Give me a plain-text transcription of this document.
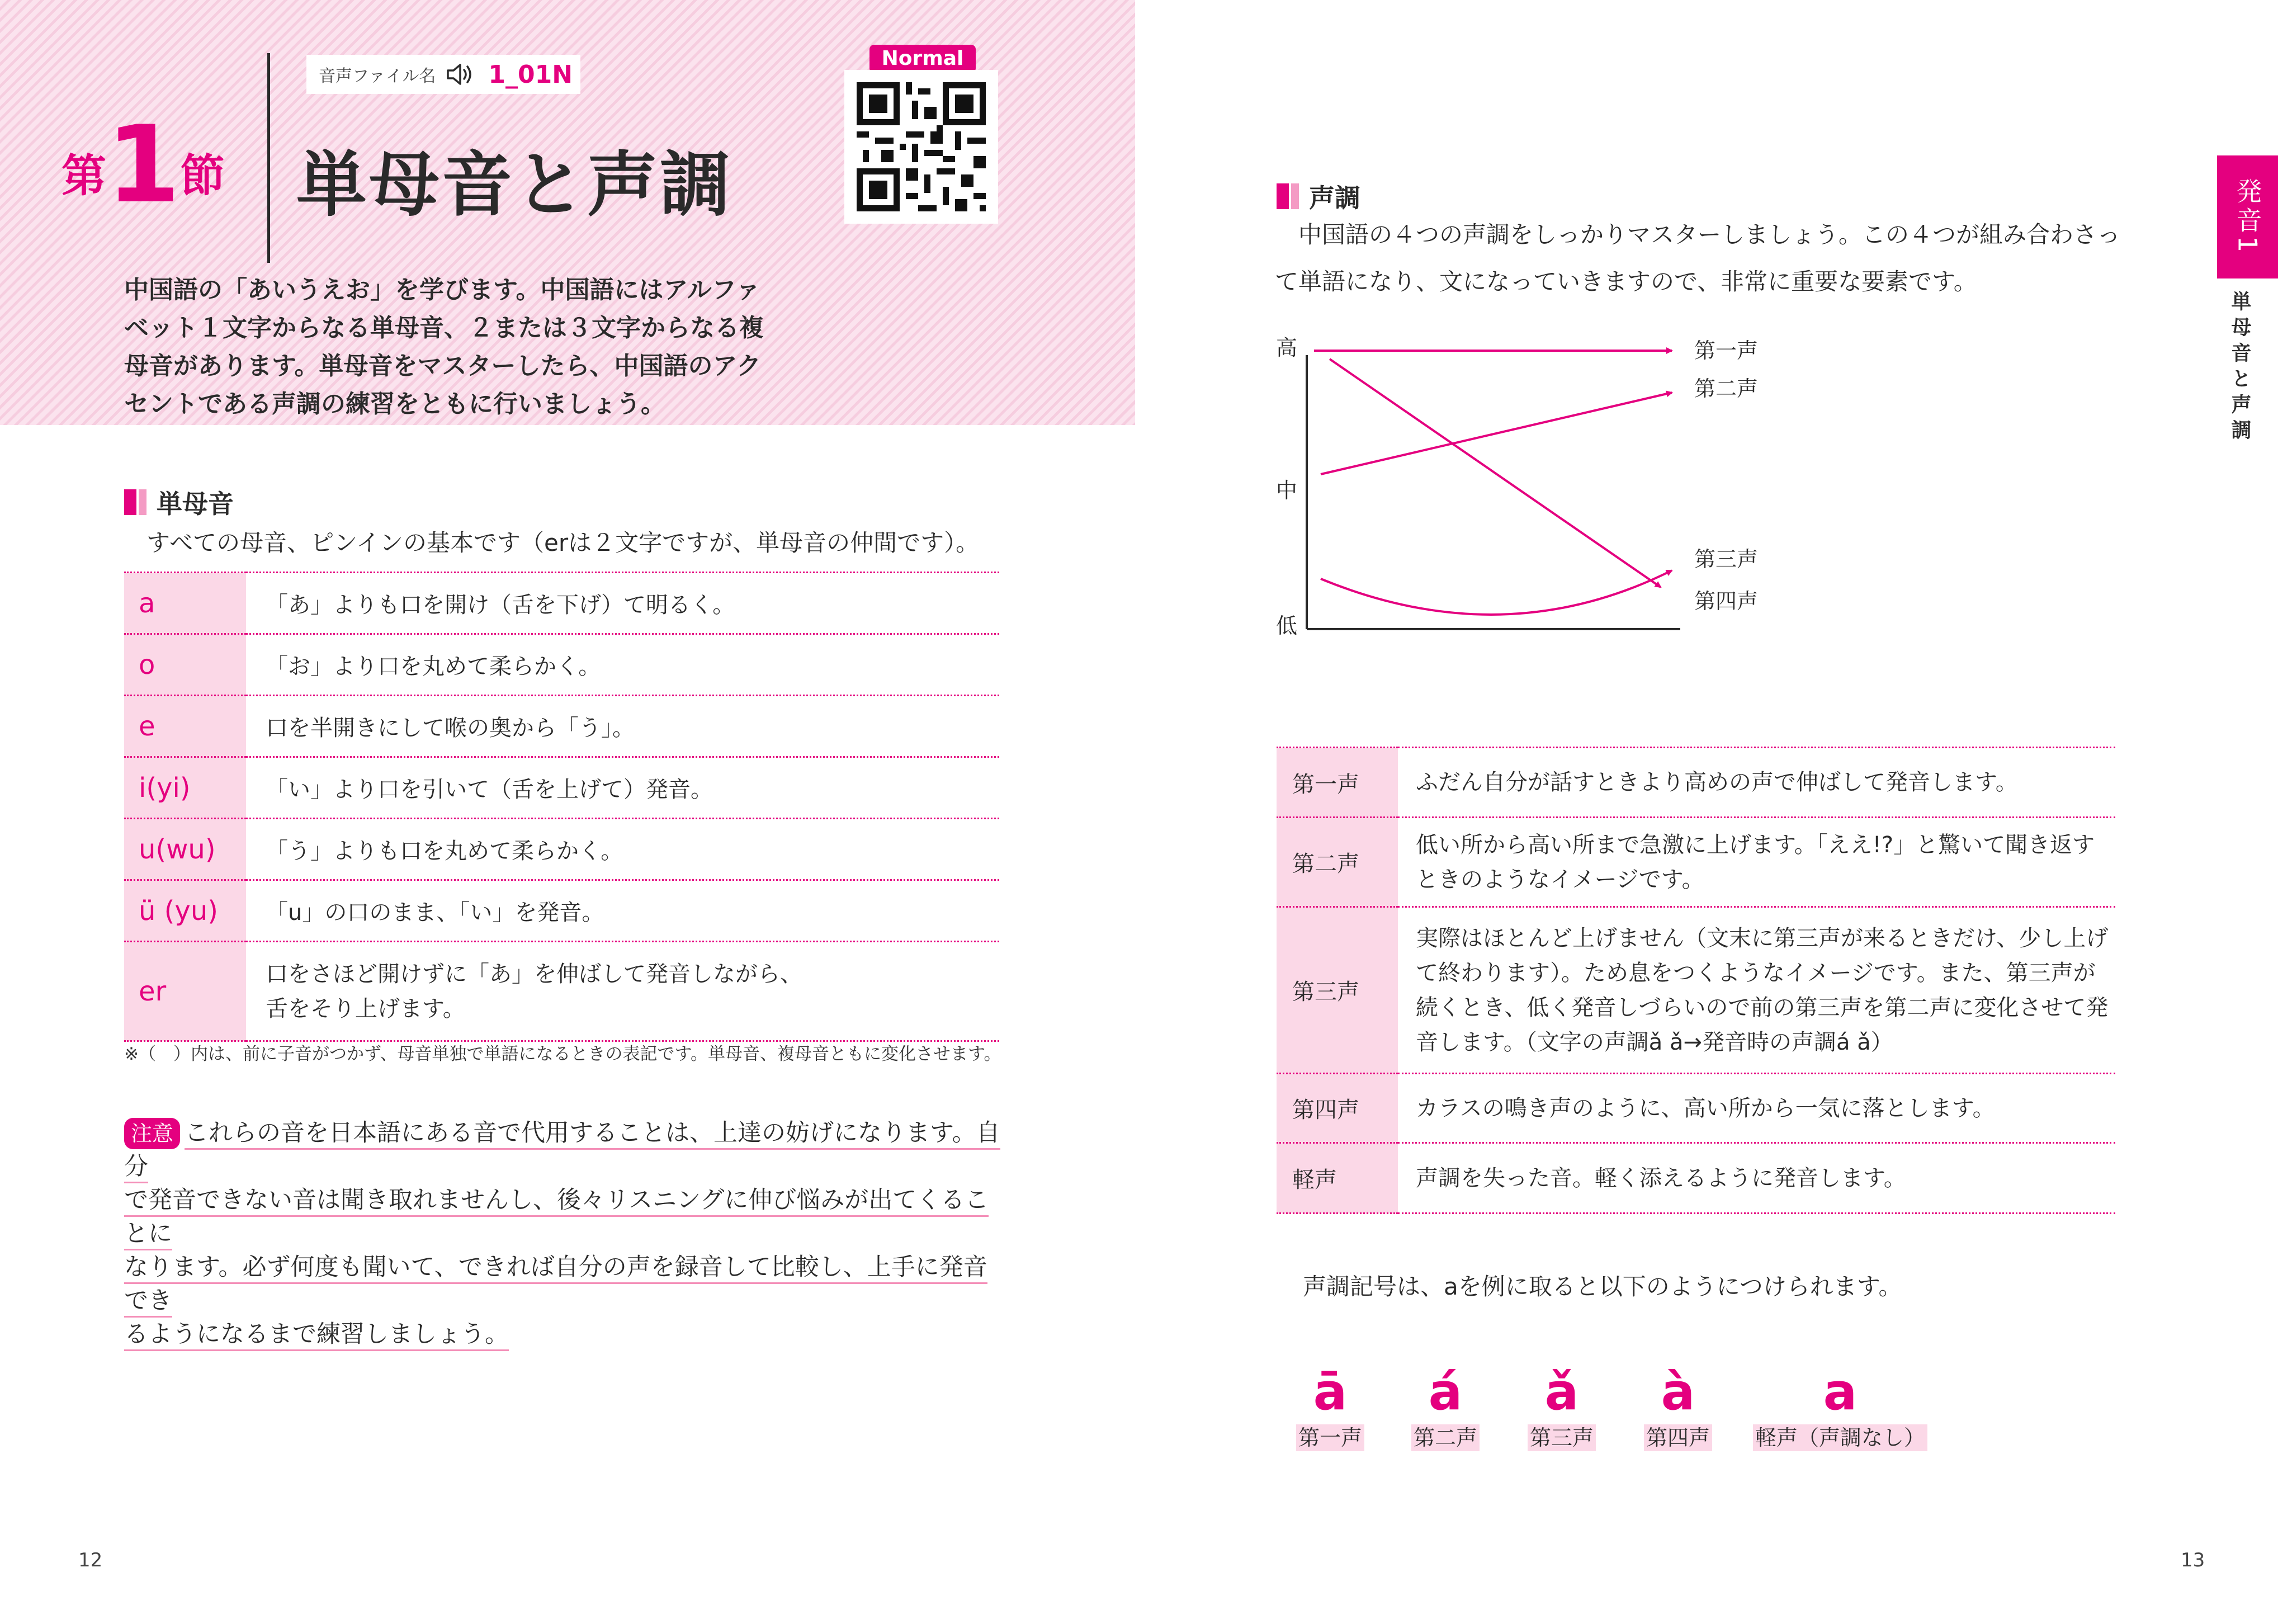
第1節
音声ファイル名 1_01N
単母音と声調
Normal
中国語の「あいうえお」を学びます。中国語にはアルファベット１文字からなる単母音、２または３文字からなる複母音があります。単母音をマスターしたら、中国語のアクセントである声調の練習をともに行いましょう。
単母音
すべての母音、ピンインの基本です（erは２文字ですが、単母音の仲間です）。
a	「あ」よりも口を開け（舌を下げ）て明るく。
o	「お」より口を丸めて柔らかく。
e	口を半開きにして喉の奥から「う」。
i(yi)	「い」より口を引いて（舌を上げて）発音。
u(wu)	「う」よりも口を丸めて柔らかく。
ü (yu)	「u」の口のまま、「い」を発音。
er	口をさほど開けずに「あ」を伸ばして発音しながら、
舌をそり上げます。
※（　）内は、前に子音がつかず、母音単独で単語になるときの表記です。単母音、複母音ともに変化させます。
注意 これらの音を日本語にある音で代用することは、上達の妨げになります。自分
で発音できない音は聞き取れませんし、後々リスニングに伸び悩みが出てくることに
なります。必ず何度も聞いて、できれば自分の声を録音して比較し、上手に発音でき
るようになるまで練習しましょう。
12
声調
中国語の４つの声調をしっかりマスターしましょう。この４つが組み合わさって単語になり、文になっていきますので、非常に重要な要素です。
高
中
低
第一声
第二声
第三声
第四声
第一声	ふだん自分が話すときより高めの声で伸ばして発音します。
第二声	低い所から高い所まで急激に上げます。「ええ!?」と驚いて聞き返すときのようなイメージです。
第三声	実際はほとんど上げません（文末に第三声が来るときだけ、少し上げて終わります）。ため息をつくようなイメージです。また、第三声が続くとき、低く発音しづらいので前の第三声を第二声に変化させて発音します。（文字の声調ǎ ǎ→発音時の声調á ǎ）
第四声	カラスの鳴き声のように、高い所から一気に落とします。
軽声	声調を失った音。軽く添えるように発音します。
声調記号は、aを例に取ると以下のようにつけられます。
ā
第一声
á
第二声
ǎ
第三声
à
第四声
a
軽声（声調なし）
発音1
単母音と声調
13
